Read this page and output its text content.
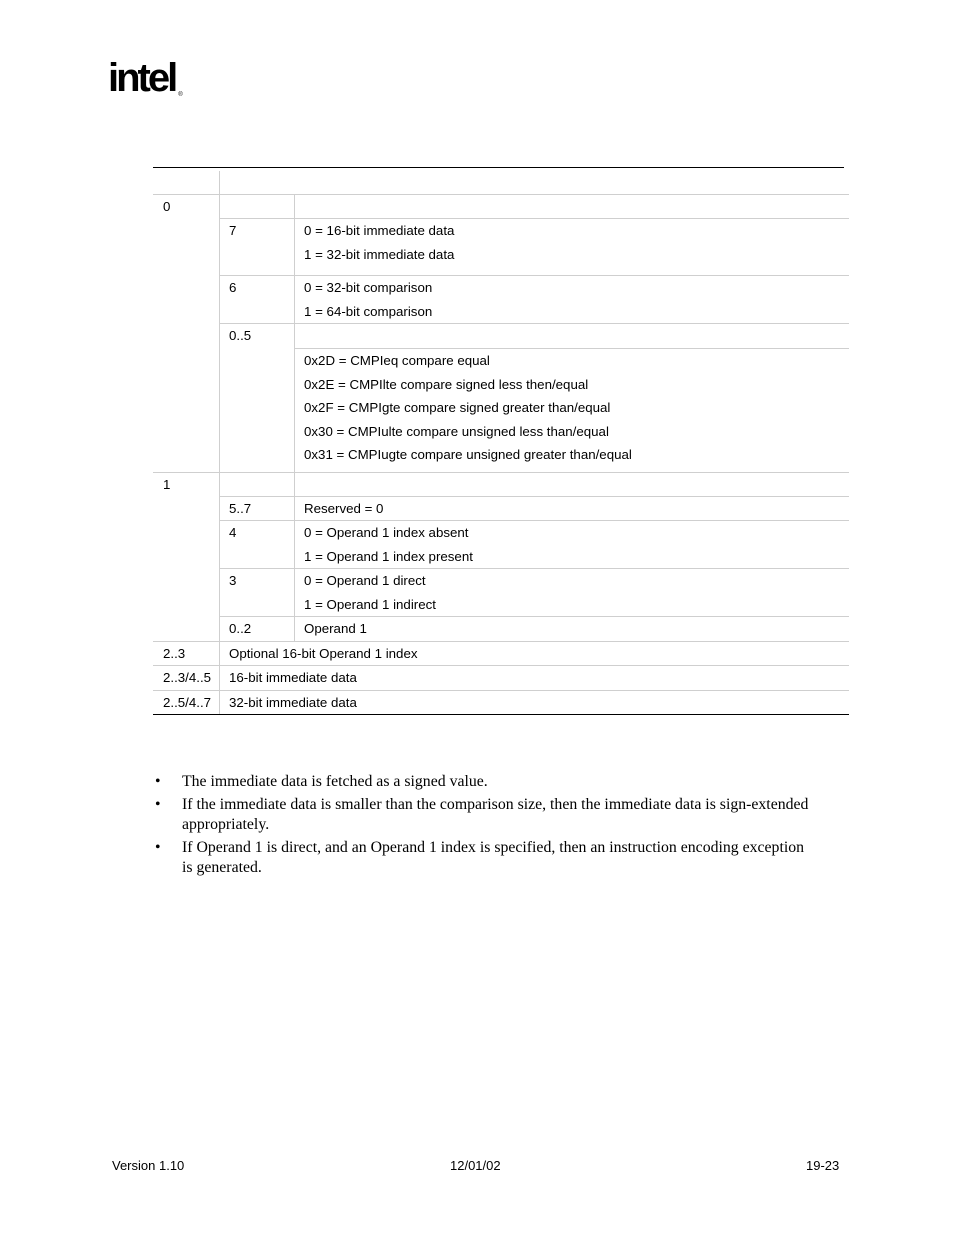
intel ®
0
7	0 = 16-bit immediate data
1 = 32-bit immediate data
6	0 = 32-bit comparison
1 = 64-bit comparison
0..5
0x2D = CMPIeq compare equal
0x2E = CMPIlte compare signed less then/equal
0x2F = CMPIgte compare signed greater than/equal
0x30 = CMPIulte compare unsigned less than/equal
0x31 = CMPIugte compare unsigned greater than/equal
1
5..7	Reserved = 0
4	0 = Operand 1 index absent
1 = Operand 1 index present
3	0 = Operand 1 direct
1 = Operand 1 indirect
0..2	Operand 1
2..3	Optional 16-bit Operand 1 index
2..3/4..5	16-bit immediate data
2..5/4..7	32-bit immediate data
• The immediate data is fetched as a signed value.
• If the immediate data is smaller than the comparison size, then the immediate data is sign-extended appropriately.
• If Operand 1 is direct, and an Operand 1 index is specified, then an instruction encoding exception is generated.
Version 1.10	12/01/02	19-23
